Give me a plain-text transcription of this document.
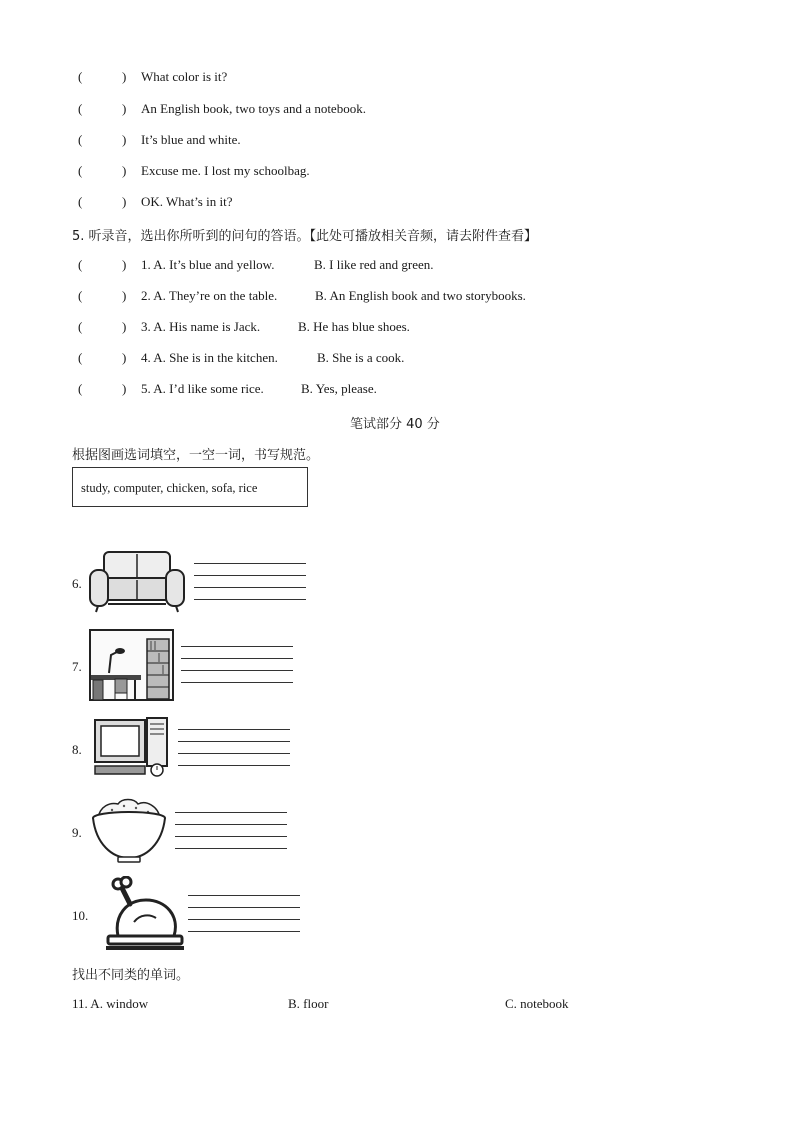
(	) What color is it?
(	) An English book, two toys and a notebook.
(	) It’s blue and white.
(	) Excuse me. I lost my schoolbag.
(	) OK. What’s in it?
5. 听录音，选出你所听到的问句的答语。【此处可播放相关音频，请去附件查看】
(	) 1. A. It’s blue and yellow.	B. I like red and green.
(	) 2. A. They’re on the table.	B. An English book and two storybooks.
(	) 3. A. His name is Jack.	B. He has blue shoes.
(	) 4. A. She is in the kitchen.	B. She is a cook.
(	) 5. A. I’d like some rice.	B. Yes, please.
笔试部分 40 分
根据图画选词填空，一空一词，书写规范。
study, computer, chicken, sofa, rice
6.
7.
8.
9.
10.
找出不同类的单词。
11. A. window	B. floor	C. notebook
